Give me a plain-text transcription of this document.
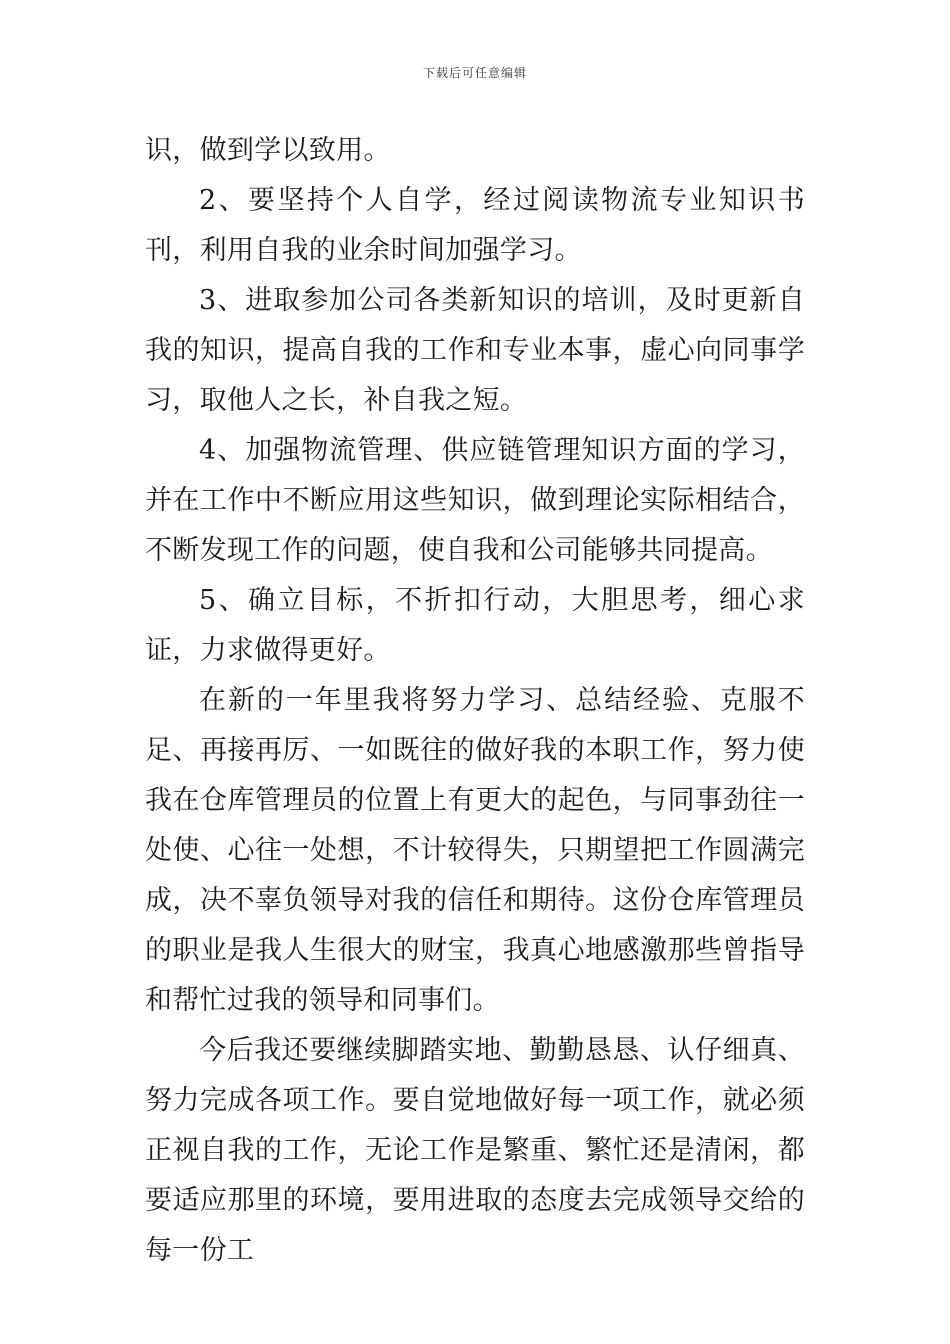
下载后可任意编辑

识，做到学以致用。

2、要坚持个人自学，经过阅读物流专业知识书刊，利用自我的业余时间加强学习。

3、进取参加公司各类新知识的培训，及时更新自我的知识，提高自我的工作和专业本事，虚心向同事学习，取他人之长，补自我之短。

4、加强物流管理、供应链管理知识方面的学习，并在工作中不断应用这些知识，做到理论实际相结合，不断发现工作的问题，使自我和公司能够共同提高。

5、确立目标，不折扣行动，大胆思考，细心求证，力求做得更好。

在新的一年里我将努力学习、总结经验、克服不足、再接再厉、一如既往的做好我的本职工作，努力使我在仓库管理员的位置上有更大的起色，与同事劲往一处使、心往一处想，不计较得失，只期望把工作圆满完成，决不辜负领导对我的信任和期待。这份仓库管理员的职业是我人生很大的财宝，我真心地感激那些曾指导和帮忙过我的领导和同事们。

今后我还要继续脚踏实地、勤勤恳恳、认仔细真、努力完成各项工作。要自觉地做好每一项工作，就必须正视自我的工作，无论工作是繁重、繁忙还是清闲，都要适应那里的环境，要用进取的态度去完成领导交给的每一份工
